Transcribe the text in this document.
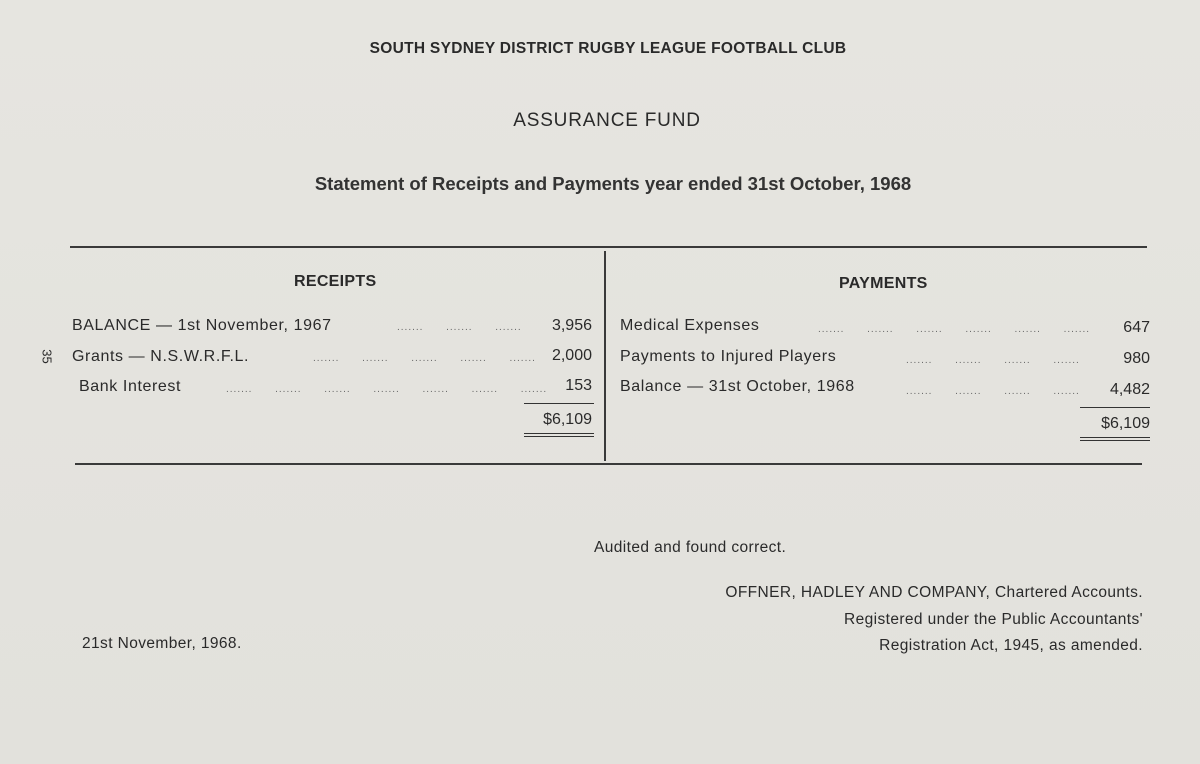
SOUTH SYDNEY DISTRICT RUGBY LEAGUE FOOTBALL CLUB
ASSURANCE FUND
Statement of Receipts and Payments year ended 31st October, 1968
RECEIPTS	PAYMENTS
35
BALANCE — 1st November, 1967	.......      .......      .......	3,956
Grants — N.S.W.R.F.L.	.......      .......      .......      .......      .......	2,000
Bank Interest	.......      .......      .......      .......      .......      .......      .......	153
$6,109
Medical Expenses	.......      .......      .......      .......      .......      .......	647
Payments to Injured Players	.......      .......      .......      .......	980
Balance — 31st October, 1968	.......      .......      .......      .......	4,482
$6,109
Audited and found correct.
OFFNER, HADLEY AND COMPANY, Chartered Accounts.
Registered under the Public Accountants'
Registration Act, 1945, as amended.
21st November, 1968.
